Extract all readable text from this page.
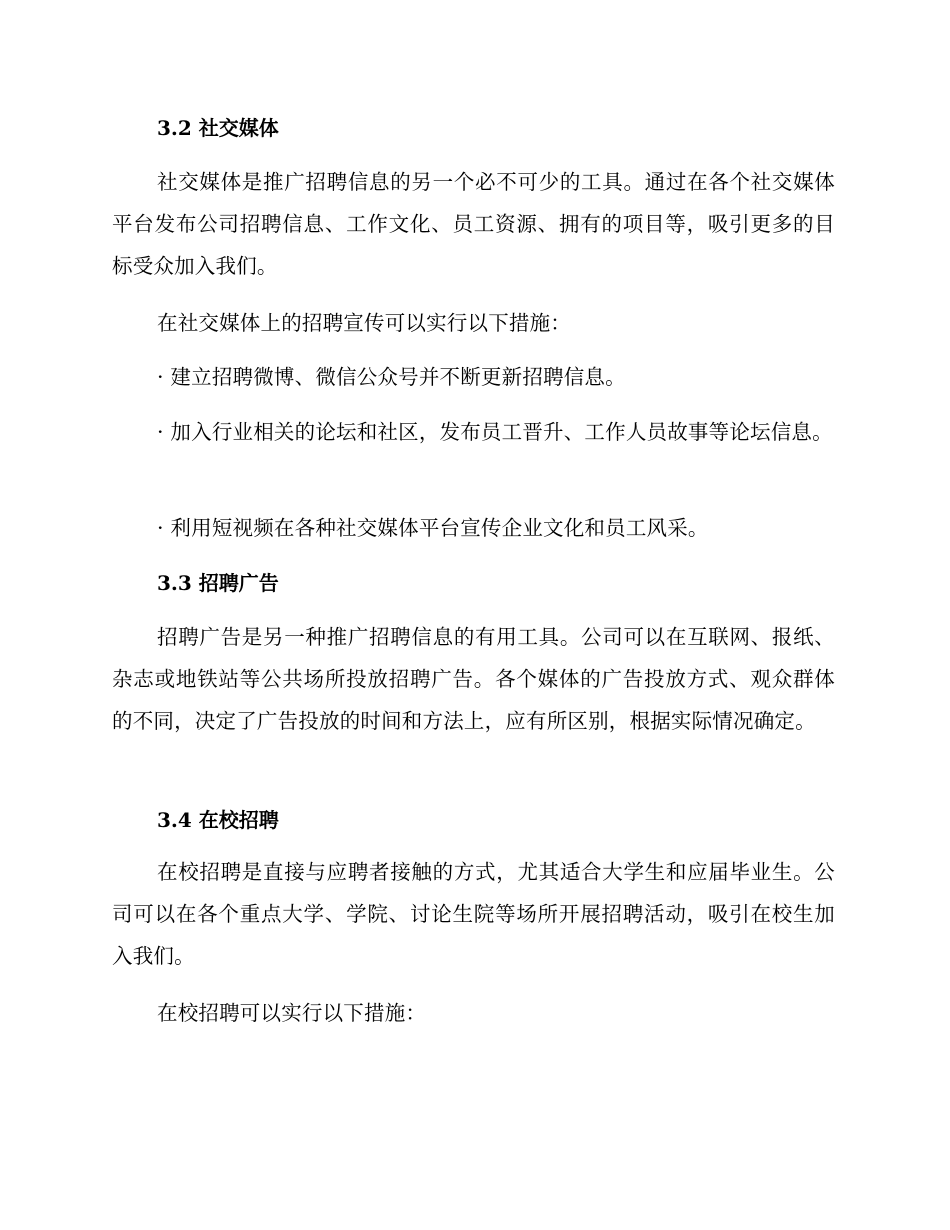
3.2 社交媒体

社交媒体是推广招聘信息的另一个必不可少的工具。通过在各个社交媒体平台发布公司招聘信息、工作文化、员工资源、拥有的项目等，吸引更多的目标受众加入我们。

在社交媒体上的招聘宣传可以实行以下措施：

· 建立招聘微博、微信公众号并不断更新招聘信息。

· 加入行业相关的论坛和社区，发布员工晋升、工作人员故事等论坛信息。

· 利用短视频在各种社交媒体平台宣传企业文化和员工风采。

3.3 招聘广告

招聘广告是另一种推广招聘信息的有用工具。公司可以在互联网、报纸、杂志或地铁站等公共场所投放招聘广告。各个媒体的广告投放方式、观众群体的不同，决定了广告投放的时间和方法上，应有所区别，根据实际情况确定。

3.4 在校招聘

在校招聘是直接与应聘者接触的方式，尤其适合大学生和应届毕业生。公司可以在各个重点大学、学院、讨论生院等场所开展招聘活动，吸引在校生加入我们。

在校招聘可以实行以下措施：
